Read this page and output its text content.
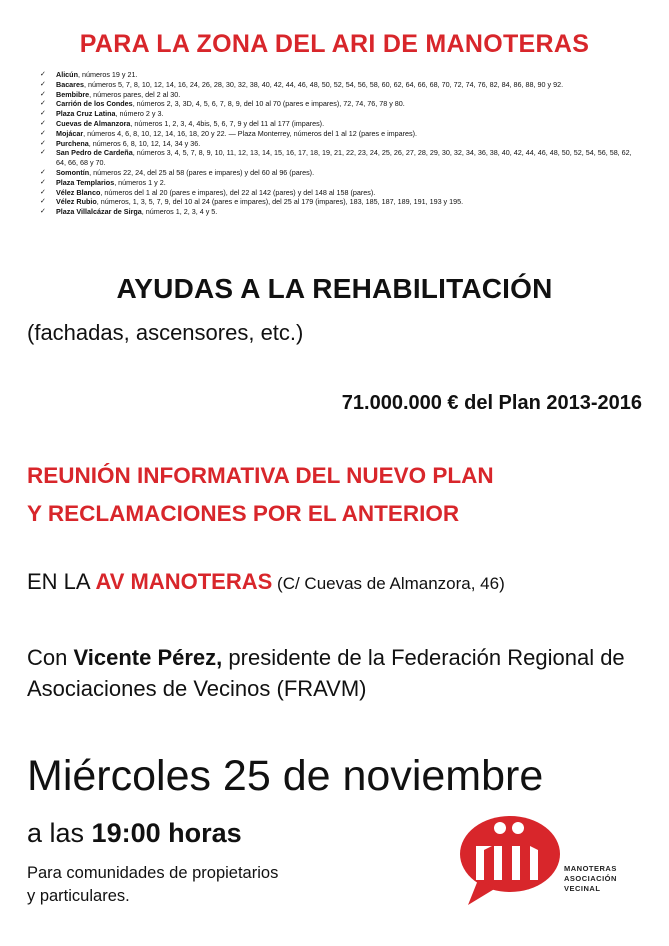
PARA LA ZONA DEL ARI DE MANOTERAS
✓ Alicún, números 19 y 21.
✓ Bacares, números 5, 7, 8, 10, 12, 14, 16, 24, 26, 28, 30, 32, 38, 40, 42, 44, 46, 48, 50, 52, 54, 56, 58, 60, 62, 64, 66, 68, 70, 72, 74, 76, 82, 84, 86, 88, 90 y 92.
✓ Bembibre, números pares, del 2 al 30.
✓ Carrión de los Condes, números 2, 3, 3D, 4, 5, 6, 7, 8, 9, del 10 al 70 (pares e impares), 72, 74, 76, 78 y 80.
✓ Plaza Cruz Latina, número 2 y 3.
✓ Cuevas de Almanzora, números 1, 2, 3, 4, 4bis, 5, 6, 7, 9 y del 11 al 177 (impares).
✓ Mojácar, números 4, 6, 8, 10, 12, 14, 16, 18, 20 y 22. — Plaza Monterrey, números del 1 al 12 (pares e impares).
✓ Purchena, números 6, 8, 10, 12, 14, 34 y 36.
✓ San Pedro de Cardeña, números 3, 4, 5, 7, 8, 9, 10, 11, 12, 13, 14, 15, 16, 17, 18, 19, 21, 22, 23, 24, 25, 26, 27, 28, 29, 30, 32, 34, 36, 38, 40, 42, 44, 46, 48, 50, 52, 54, 56, 58, 62, 64, 66, 68 y 70.
✓ Somontín, números 22, 24, del 25 al 58 (pares e impares) y del 60 al 96 (pares).
✓ Plaza Templarios, números 1 y 2.
✓ Vélez Blanco, números del 1 al 20 (pares e impares), del 22 al 142 (pares) y del 148 al 158 (pares).
✓ Vélez Rubio, números, 1, 3, 5, 7, 9, del 10 al 24 (pares e impares), del 25 al 179 (impares), 183, 185, 187, 189, 191, 193 y 195.
✓ Plaza Villalcázar de Sirga, números 1, 2, 3, 4 y 5.
AYUDAS A LA REHABILITACIÓN

(fachadas, ascensores, etc.)

71.000.000 € del Plan 2013-2016

REUNIÓN INFORMATIVA DEL NUEVO PLAN
Y RECLAMACIONES POR EL ANTERIOR

EN LA AV MANOTERAS (C/ Cuevas de Almanzora, 46)

Con Vicente Pérez, presidente de la Federación Regional de Asociaciones de Vecinos (FRAVM)

Miércoles 25 de noviembre

a las 19:00 horas

Para comunidades de propietarios
y particulares.

MANOTERAS
ASOCIACIÓN
VECINAL
